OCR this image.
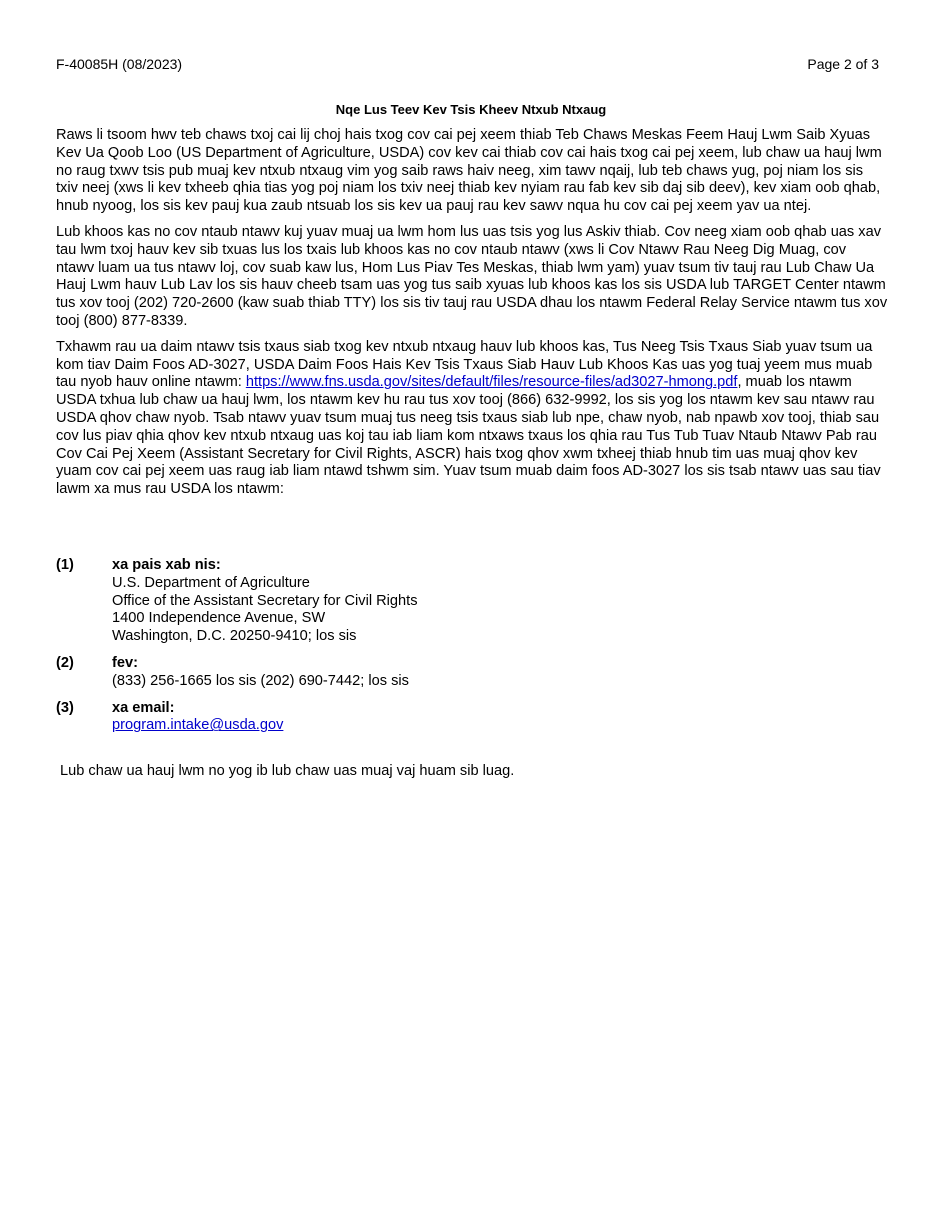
F-40085H (08/2023)	Page 2 of 3
Nqe Lus Teev Kev Tsis Kheev Ntxub Ntxaug

Raws li tsoom hwv teb chaws txoj cai lij choj hais txog cov cai pej xeem thiab Teb Chaws Meskas Feem Hauj Lwm Saib Xyuas Kev Ua Qoob Loo (US Department of Agriculture, USDA) cov kev cai thiab cov cai hais txog cai pej xeem, lub chaw ua hauj lwm no raug txwv tsis pub muaj kev ntxub ntxaug vim yog saib raws haiv neeg, xim tawv nqaij, lub teb chaws yug, poj niam los sis txiv neej (xws li kev txheeb qhia tias yog poj niam los txiv neej thiab kev nyiam rau fab kev sib daj sib deev), kev xiam oob qhab, hnub nyoog, los sis kev pauj kua zaub ntsuab los sis kev ua pauj rau kev sawv nqua hu cov cai pej xeem yav ua ntej.

Lub khoos kas no cov ntaub ntawv kuj yuav muaj ua lwm hom lus uas tsis yog lus Askiv thiab. Cov neeg xiam oob qhab uas xav tau lwm txoj hauv kev sib txuas lus los txais lub khoos kas no cov ntaub ntawv (xws li Cov Ntawv Rau Neeg Dig Muag, cov ntawv luam ua tus ntawv loj, cov suab kaw lus, Hom Lus Piav Tes Meskas, thiab lwm yam) yuav tsum tiv tauj rau Lub Chaw Ua Hauj Lwm hauv Lub Lav los sis hauv cheeb tsam uas yog tus saib xyuas lub khoos kas los sis USDA lub TARGET Center ntawm tus xov tooj (202) 720-2600 (kaw suab thiab TTY) los sis tiv tauj rau USDA dhau los ntawm Federal Relay Service ntawm tus xov tooj (800) 877-8339.

Txhawm rau ua daim ntawv tsis txaus siab txog kev ntxub ntxaug hauv lub khoos kas, Tus Neeg Tsis Txaus Siab yuav tsum ua kom tiav Daim Foos AD-3027, USDA Daim Foos Hais Kev Tsis Txaus Siab Hauv Lub Khoos Kas uas yog tuaj yeem mus muab tau nyob hauv online ntawm: https://www.fns.usda.gov/sites/default/files/resource-files/ad3027-hmong.pdf, muab los ntawm USDA txhua lub chaw ua hauj lwm, los ntawm kev hu rau tus xov tooj (866) 632-9992, los sis yog los ntawm kev sau ntawv rau USDA qhov chaw nyob. Tsab ntawv yuav tsum muaj tus neeg tsis txaus siab lub npe, chaw nyob, nab npawb xov tooj, thiab sau cov lus piav qhia qhov kev ntxub ntxaug uas koj tau iab liam kom ntxaws txaus los qhia rau Tus Tub Tuav Ntaub Ntawv Pab rau Cov Cai Pej Xeem (Assistant Secretary for Civil Rights, ASCR) hais txog qhov xwm txheej thiab hnub tim uas muaj qhov kev yuam cov cai pej xeem uas raug iab liam ntawd tshwm sim. Yuav tsum muab daim foos AD-3027 los sis tsab ntawv uas sau tiav lawm xa mus rau USDA los ntawm:

(1)	xa pais xab nis:
U.S. Department of Agriculture
Office of the Assistant Secretary for Civil Rights
1400 Independence Avenue, SW
Washington, D.C. 20250-9410; los sis
(2)	fev:
(833) 256-1665 los sis (202) 690-7442; los sis
(3)	xa email:
program.intake@usda.gov
Lub chaw ua hauj lwm no yog ib lub chaw uas muaj vaj huam sib luag.
